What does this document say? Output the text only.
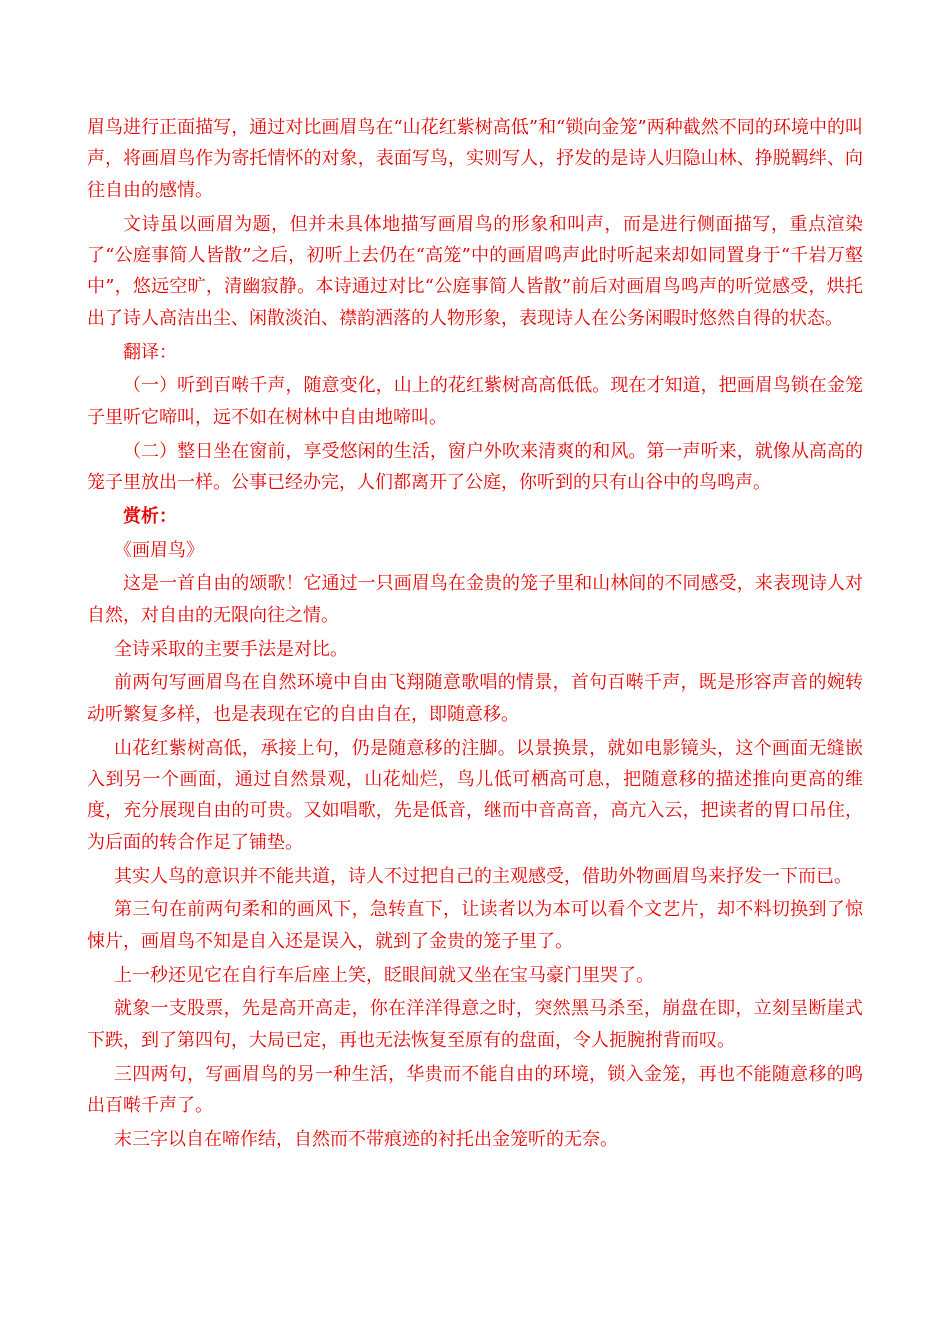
眉鸟进行正面描写，通过对比画眉鸟在“山花红紫树高低”和“锁向金笼”两种截然不同的环境中的叫声，将画眉鸟作为寄托情怀的对象，表面写鸟，实则写人，抒发的是诗人归隐山林、挣脱羁绊、向往自由的感情。

文诗虽以画眉为题，但并未具体地描写画眉鸟的形象和叫声，而是进行侧面描写，重点渲染了“公庭事简人皆散”之后，初听上去仍在“高笼”中的画眉鸣声此时听起来却如同置身于“千岩万壑中”，悠远空旷，清幽寂静。本诗通过对比“公庭事简人皆散”前后对画眉鸟鸣声的听觉感受，烘托出了诗人高洁出尘、闲散淡泊、襟韵洒落的人物形象，表现诗人在公务闲暇时悠然自得的状态。

翻译：

（一）听到百啭千声，随意变化，山上的花红紫树高高低低。现在才知道，把画眉鸟锁在金笼子里听它啼叫，远不如在树林中自由地啼叫。

（二）整日坐在窗前，享受悠闲的生活，窗户外吹来清爽的和风。第一声听来，就像从高高的笼子里放出一样。公事已经办完，人们都离开了公庭，你听到的只有山谷中的鸟鸣声。

赏析：

《画眉鸟》

这是一首自由的颂歌！它通过一只画眉鸟在金贵的笼子里和山林间的不同感受，来表现诗人对自然，对自由的无限向往之情。

全诗采取的主要手法是对比。

前两句写画眉鸟在自然环境中自由飞翔随意歌唱的情景，首句百啭千声，既是形容声音的婉转动听繁复多样，也是表现在它的自由自在，即随意移。

山花红紫树高低，承接上句，仍是随意移的注脚。以景换景，就如电影镜头，这个画面无缝嵌入到另一个画面，通过自然景观，山花灿烂，鸟儿低可栖高可息，把随意移的描述推向更高的维度，充分展现自由的可贵。又如唱歌，先是低音，继而中音高音，高亢入云，把读者的胃口吊住，为后面的转合作足了铺垫。

其实人鸟的意识并不能共道，诗人不过把自己的主观感受，借助外物画眉鸟来抒发一下而已。

第三句在前两句柔和的画风下，急转直下，让读者以为本可以看个文艺片，却不料切换到了惊悚片，画眉鸟不知是自入还是误入，就到了金贵的笼子里了。

上一秒还见它在自行车后座上笑，眨眼间就又坐在宝马豪门里哭了。

就象一支股票，先是高开高走，你在洋洋得意之时，突然黑马杀至，崩盘在即，立刻呈断崖式下跌，到了第四句，大局已定，再也无法恢复至原有的盘面，令人扼腕拊背而叹。

三四两句，写画眉鸟的另一种生活，华贵而不能自由的环境，锁入金笼，再也不能随意移的鸣出百啭千声了。

末三字以自在啼作结，自然而不带痕迹的衬托出金笼听的无奈。
